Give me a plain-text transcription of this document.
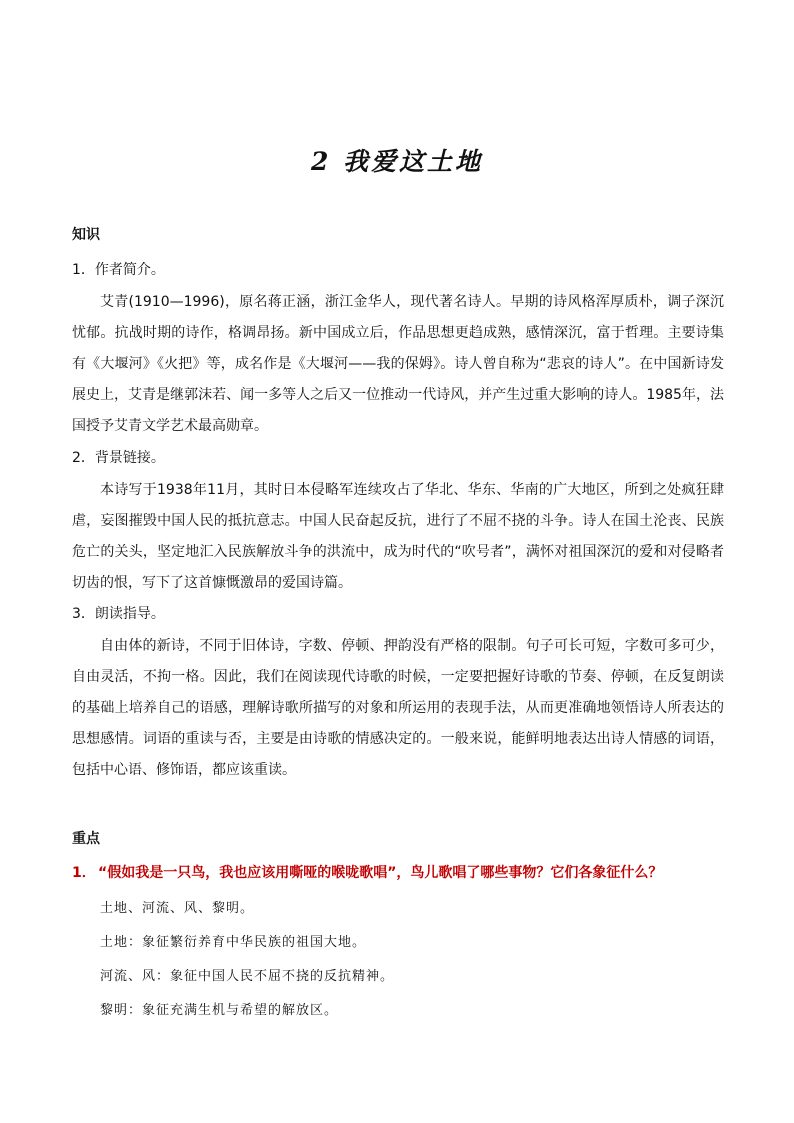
2 我爱这土地
知识
1．作者简介。

艾青(1910—1996)，原名蒋正涵，浙江金华人，现代著名诗人。早期的诗风格浑厚质朴，调子深沉忧郁。抗战时期的诗作，格调昂扬。新中国成立后，作品思想更趋成熟，感情深沉，富于哲理。主要诗集有《大堰河》《火把》等，成名作是《大堰河——我的保姆》。诗人曾自称为“悲哀的诗人”。在中国新诗发展史上，艾青是继郭沫若、闻一多等人之后又一位推动一代诗风，并产生过重大影响的诗人。1985年，法国授予艾青文学艺术最高勋章。

2．背景链接。

本诗写于1938年11月，其时日本侵略军连续攻占了华北、华东、华南的广大地区，所到之处疯狂肆虐，妄图摧毁中国人民的抵抗意志。中国人民奋起反抗，进行了不屈不挠的斗争。诗人在国土沦丧、民族危亡的关头，坚定地汇入民族解放斗争的洪流中，成为时代的“吹号者”，满怀对祖国深沉的爱和对侵略者切齿的恨，写下了这首慷慨激昂的爱国诗篇。

3．朗读指导。

自由体的新诗，不同于旧体诗，字数、停顿、押韵没有严格的限制。句子可长可短，字数可多可少，自由灵活，不拘一格。因此，我们在阅读现代诗歌的时候，一定要把握好诗歌的节奏、停顿，在反复朗读的基础上培养自己的语感，理解诗歌所描写的对象和所运用的表现手法，从而更准确地领悟诗人所表达的思想感情。词语的重读与否，主要是由诗歌的情感决定的。一般来说，能鲜明地表达出诗人情感的词语，包括中心语、修饰语，都应该重读。

重点
1． “假如我是一只鸟，我也应该用嘶哑的喉咙歌唱”，鸟儿歌唱了哪些事物？它们各象征什么？
土地、河流、风、黎明。
土地：象征繁衍养育中华民族的祖国大地。
河流、风：象征中国人民不屈不挠的反抗精神。
黎明：象征充满生机与希望的解放区。
